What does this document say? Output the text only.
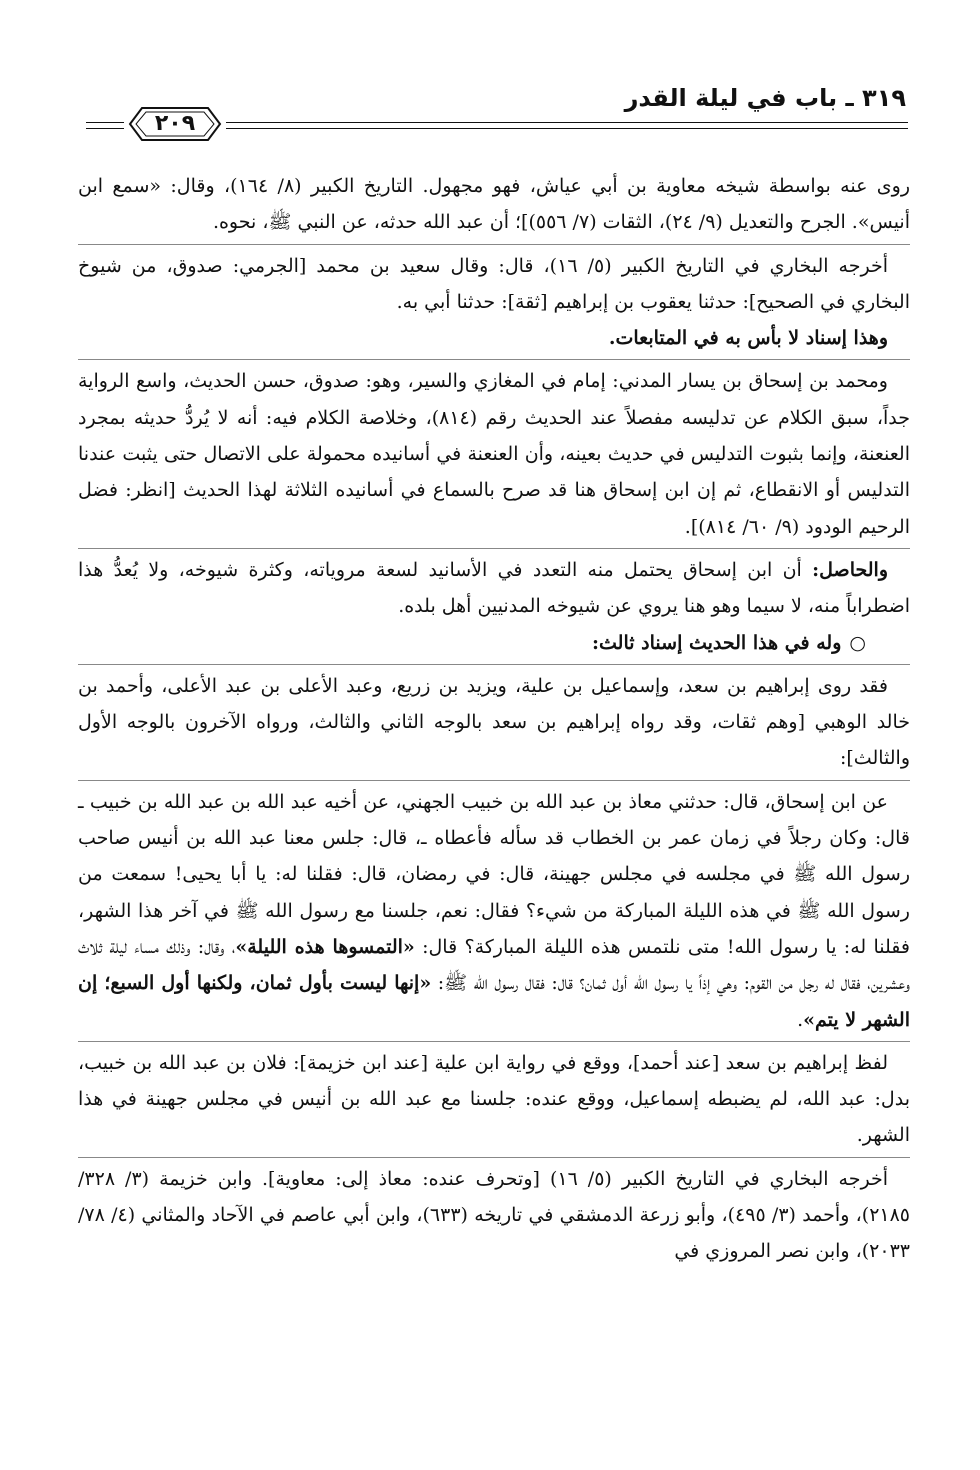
٣١٩ ـ باب في ليلة القدر
٢٠٩

روى عنه بواسطة شيخه معاوية بن أبي عياش، فهو مجهول. التاريخ الكبير (٨/ ١٦٤)، وقال: «سمع ابن أنيس». الجرح والتعديل (٩/ ٢٤)، الثقات (٧/ ٥٥٦)]؛ أن عبد الله حدثه، عن النبي ﷺ، نحوه.

أخرجه البخاري في التاريخ الكبير (٥/ ١٦)، قال: وقال سعيد بن محمد [الجرمي: صدوق، من شيوخ البخاري في الصحيح]: حدثنا يعقوب بن إبراهيم [ثقة]: حدثنا أبي به.

وهذا إسناد لا بأس به في المتابعات.

ومحمد بن إسحاق بن يسار المدني: إمام في المغازي والسير، وهو: صدوق، حسن الحديث، واسع الرواية جداً، سبق الكلام عن تدليسه مفصلاً عند الحديث رقم (٨١٤)، وخلاصة الكلام فيه: أنه لا يُردُّ حديثه بمجرد العنعنة، وإنما بثبوت التدليس في حديث بعينه، وأن العنعنة في أسانيده محمولة على الاتصال حتى يثبت عندنا التدليس أو الانقطاع، ثم إن ابن إسحاق هنا قد صرح بالسماع في أسانيده الثلاثة لهذا الحديث [انظر: فضل الرحيم الودود (٩/ ٦٠/ ٨١٤)].

والحاصل: أن ابن إسحاق يحتمل منه التعدد في الأسانيد لسعة مروياته، وكثرة شيوخه، ولا يُعدُّ هذا اضطراباً منه، لا سيما وهو هنا يروي عن شيوخه المدنيين أهل بلده.

○وله في هذا الحديث إسناد ثالث:

فقد روى إبراهيم بن سعد، وإسماعيل بن علية، ويزيد بن زريع، وعبد الأعلى بن عبد الأعلى، وأحمد بن خالد الوهبي [وهم ثقات، وقد رواه إبراهيم بن سعد بالوجه الثاني والثالث، ورواه الآخرون بالوجه الأول والثالث]:

عن ابن إسحاق، قال: حدثني معاذ بن عبد الله بن خبيب الجهني، عن أخيه عبد الله بن عبد الله بن خبيب ـ قال: وكان رجلاً في زمان عمر بن الخطاب قد سأله فأعطاه ـ، قال: جلس معنا عبد الله بن أنيس صاحب رسول الله ﷺ في مجلسه في مجلس جهينة، قال: في رمضان، قال: فقلنا له: يا أبا يحيى! سمعت من رسول الله ﷺ في هذه الليلة المباركة من شيء؟ فقال: نعم، جلسنا مع رسول الله ﷺ في آخر هذا الشهر، فقلنا له: يا رسول الله! متى نلتمس هذه الليلة المباركة؟ قال: «التمسوها هذه الليلة»، وقال: وذلك مساء ليلة ثلاث وعشرين، فقال له رجل من القوم: وهي إذاً يا رسول الله أول ثمان؟ قال: فقال رسول الله ﷺ: «إنها ليست بأول ثمان، ولكنها أول السبع؛ إن الشهر لا يتم».

لفظ إبراهيم بن سعد [عند أحمد]، ووقع في رواية ابن علية [عند ابن خزيمة]: فلان بن عبد الله بن خبيب، بدل: عبد الله، لم يضبطه إسماعيل، ووقع عنده: جلسنا مع عبد الله بن أنيس في مجلس جهينة في هذا الشهر.

أخرجه البخاري في التاريخ الكبير (٥/ ١٦) [وتحرف عنده: معاذ إلى: معاوية]. وابن خزيمة (٣/ ٣٢٨/ ٢١٨٥)، وأحمد (٣/ ٤٩٥)، وأبو زرعة الدمشقي في تاريخه (٦٣٣)، وابن أبي عاصم في الآحاد والمثاني (٤/ ٧٨/ ٢٠٣٣)، وابن نصر المروزي في
